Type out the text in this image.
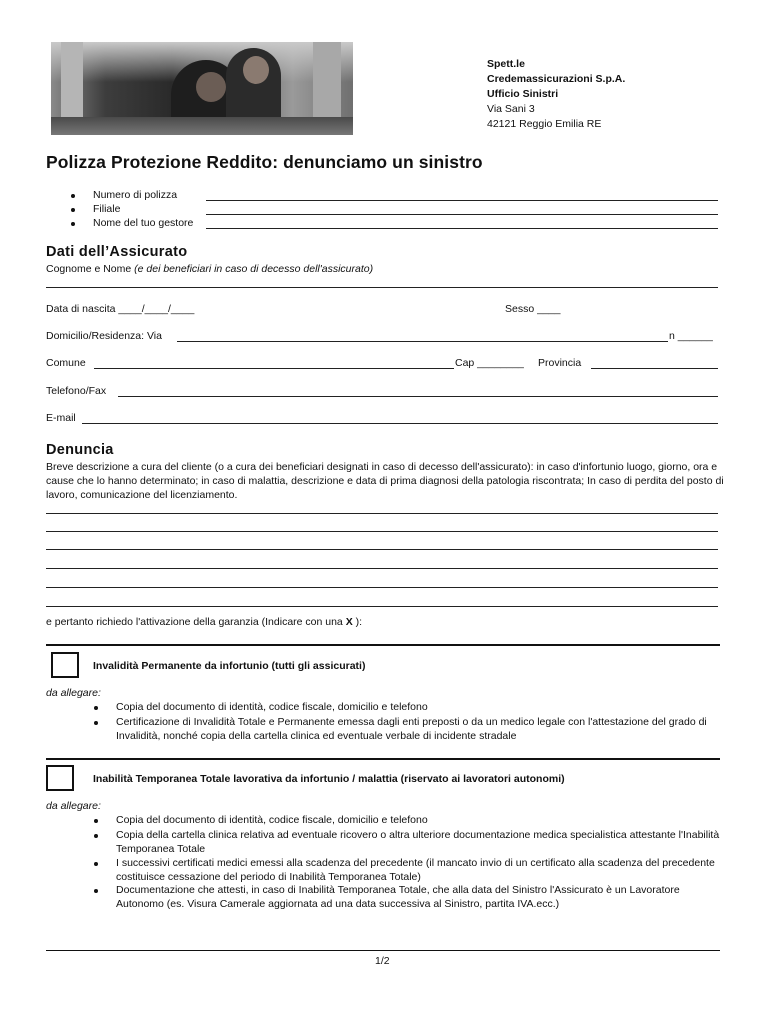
Spett.le
Credemassicurazioni S.p.A.
Ufficio Sinistri
Via Sani 3
42121 Reggio Emilia RE
Polizza Protezione Reddito: denunciamo un sinistro
Numero di polizza
Filiale
Nome del tuo gestore
Dati dell’Assicurato
Cognome e Nome (e dei beneficiari in caso di decesso dell'assicurato)
Data di nascita ____/____/____	Sesso ____
Domicilio/Residenza: Via	n ______
Comune	Cap ________ Provincia
Telefono/Fax
E-mail
Denuncia
Breve descrizione a cura del cliente (o a cura dei beneficiari designati in caso di decesso dell'assicurato): in caso d'infortunio luogo, giorno, ora e cause che lo hanno determinato; in caso di malattia, descrizione e data di prima diagnosi della patologia riscontrata; In caso di perdita del posto di lavoro, comunicazione del licenziamento.
e pertanto richiedo l'attivazione della garanzia (Indicare con una X ):
Invalidità Permanente da infortunio (tutti gli assicurati)
da allegare:
Copia del documento di identità, codice fiscale, domicilio e telefono
Certificazione di Invalidità Totale e Permanente emessa dagli enti preposti o da un medico legale con l'attestazione del grado di Invalidità, nonché copia della cartella clinica ed eventuale verbale di incidente stradale
Inabilità Temporanea Totale lavorativa da infortunio / malattia (riservato ai lavoratori autonomi)
da allegare:
Copia del documento di identità, codice fiscale, domicilio e telefono
Copia della cartella clinica relativa ad eventuale ricovero o altra ulteriore documentazione medica specialistica attestante l'Inabilità Temporanea Totale
I successivi certificati medici emessi alla scadenza del precedente (il mancato invio di un certificato alla scadenza del precedente costituisce cessazione del periodo di Inabilità Temporanea Totale)
Documentazione che attesti, in caso di Inabilità Temporanea Totale, che alla data del Sinistro l'Assicurato è un Lavoratore Autonomo (es. Visura Camerale aggiornata ad una data successiva al Sinistro, partita IVA.ecc.)
1/2
